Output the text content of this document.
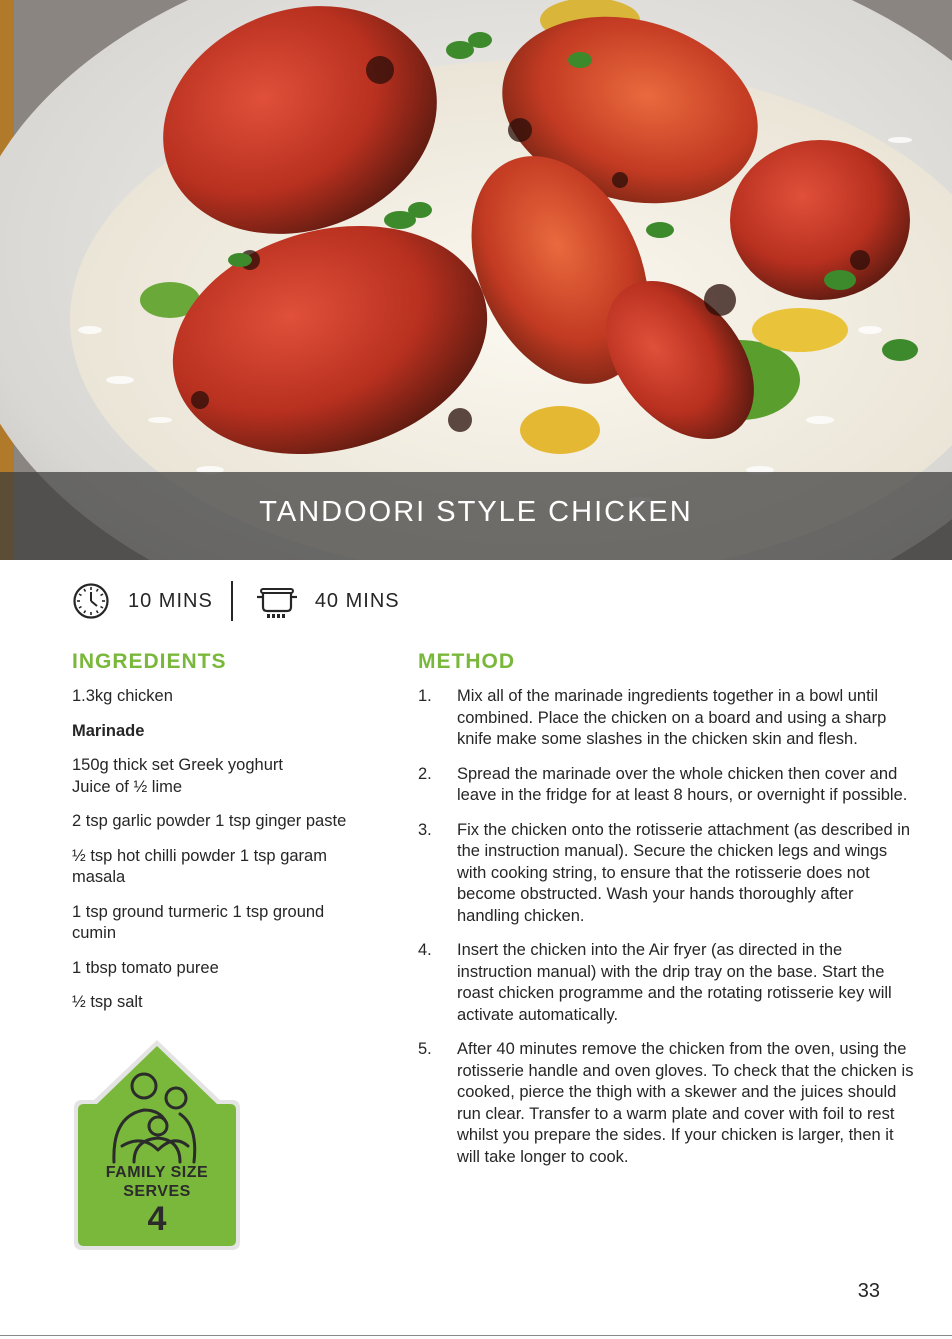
TANDOORI STYLE CHICKEN
10 MINS	40 MINS
INGREDIENTS

1.3kg chicken

Marinade

150g thick set Greek yoghurt

Juice of ½ lime

2 tsp garlic powder 1 tsp ginger paste

½ tsp hot chilli powder 1 tsp garam masala

1 tsp ground turmeric 1 tsp ground cumin

1 tbsp tomato puree

½ tsp salt

METHOD
1.	Mix all of the marinade ingredients together in a bowl until combined. Place the chicken on a board and using a sharp knife make some slashes in the chicken skin and flesh.
2.	Spread the marinade over the whole chicken then cover and leave in the fridge for at least 8 hours, or overnight if possible.
3.	Fix the chicken onto the rotisserie attachment (as described in the instruction manual). Secure the chicken legs and wings with cooking string, to ensure that the rotisserie does not become obstructed. Wash your hands thoroughly after handling chicken.
4.	Insert the chicken into the Air fryer (as directed in the instruction manual) with the drip tray on the base. Start the roast chicken programme and the rotating rotisserie key will activate automatically.
5.	After 40 minutes remove the chicken from the oven, using the rotisserie handle and oven gloves. To check that the chicken is cooked, pierce the thigh with a skewer and the juices should run clear. Transfer to a warm plate and cover with foil to rest whilst you prepare the sides. If your chicken is larger, then it will take longer to cook.
FAMILY SIZE
SERVES
4
33
